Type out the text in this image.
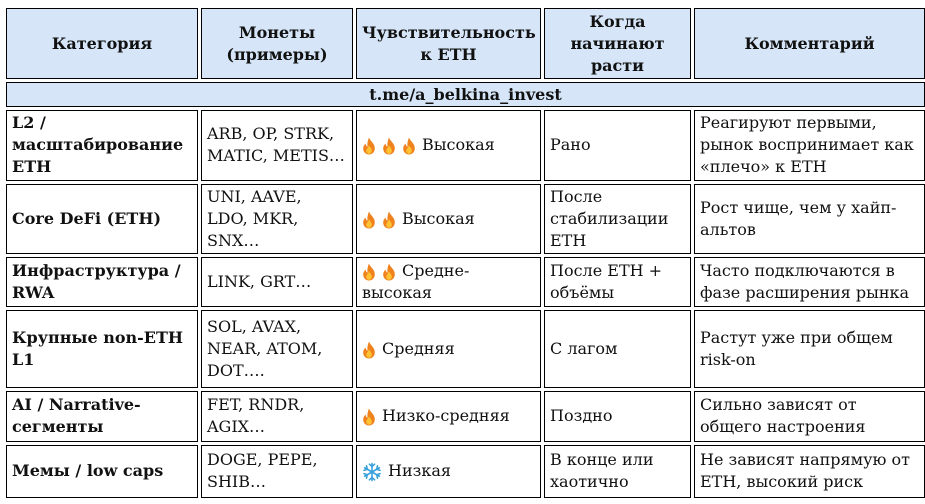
Категория	Монеты (примеры)	Чувствительность к ETH	Когда начинают расти	Комментарий
t.me/a_belkina_invest				
L2 / масштабирование ETH	ARB, OP, STRK, MATIC, METIS…	Высокая	Рано	Реагируют первыми, рынок воспринимает как «плечо» к ETH
Core DeFi (ETH)	UNI, AAVE, LDO, MKR, SNX…	Высокая	После стабилизации ETH	Рост чище, чем у хайп-альтов
Инфраструктура / RWA	LINK, GRT…	Средне-высокая	После ETH + объёмы	Часто подключаются в фазе расширения рынка
Крупные non-ETH L1	SOL, AVAX, NEAR, ATOM, DOT….	Средняя	С лагом	Растут уже при общем risk-on
AI / Narrative-сегменты	FET, RNDR, AGIX…	Низко-средняя	Поздно	Сильно зависят от общего настроения
Мемы / low caps	DOGE, PEPE, SHIB…	Низкая	В конце или хаотично	Не зависят напрямую от ETH, высокий риск
